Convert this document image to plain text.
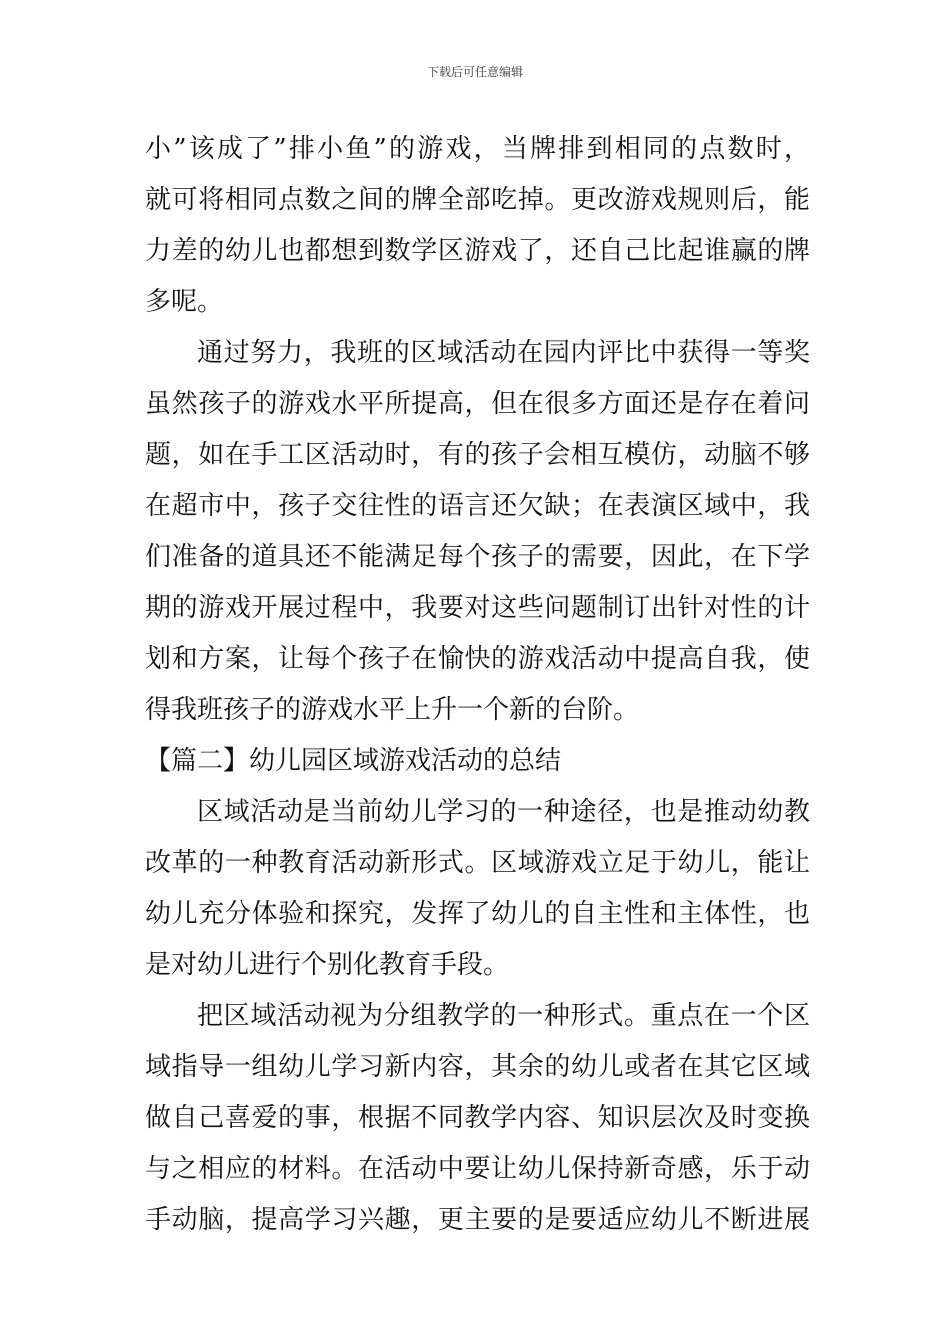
下载后可任意编辑
小”该成了”排小鱼”的游戏，当牌排到相同的点数时，
就可将相同点数之间的牌全部吃掉。更改游戏规则后，能
力差的幼儿也都想到数学区游戏了，还自己比起谁赢的牌
多呢。
通过努力，我班的区域活动在园内评比中获得一等奖
虽然孩子的游戏水平所提高，但在很多方面还是存在着问
题，如在手工区活动时，有的孩子会相互模仿，动脑不够
在超市中，孩子交往性的语言还欠缺；在表演区域中，我
们准备的道具还不能满足每个孩子的需要，因此，在下学
期的游戏开展过程中，我要对这些问题制订出针对性的计
划和方案，让每个孩子在愉快的游戏活动中提高自我，使
得我班孩子的游戏水平上升一个新的台阶。
【篇二】幼儿园区域游戏活动的总结
区域活动是当前幼儿学习的一种途径，也是推动幼教
改革的一种教育活动新形式。区域游戏立足于幼儿，能让
幼儿充分体验和探究，发挥了幼儿的自主性和主体性，也
是对幼儿进行个别化教育手段。
把区域活动视为分组教学的一种形式。重点在一个区
域指导一组幼儿学习新内容，其余的幼儿或者在其它区域
做自己喜爱的事，根据不同教学内容、知识层次及时变换
与之相应的材料。在活动中要让幼儿保持新奇感，乐于动
手动脑，提高学习兴趣，更主要的是要适应幼儿不断进展
